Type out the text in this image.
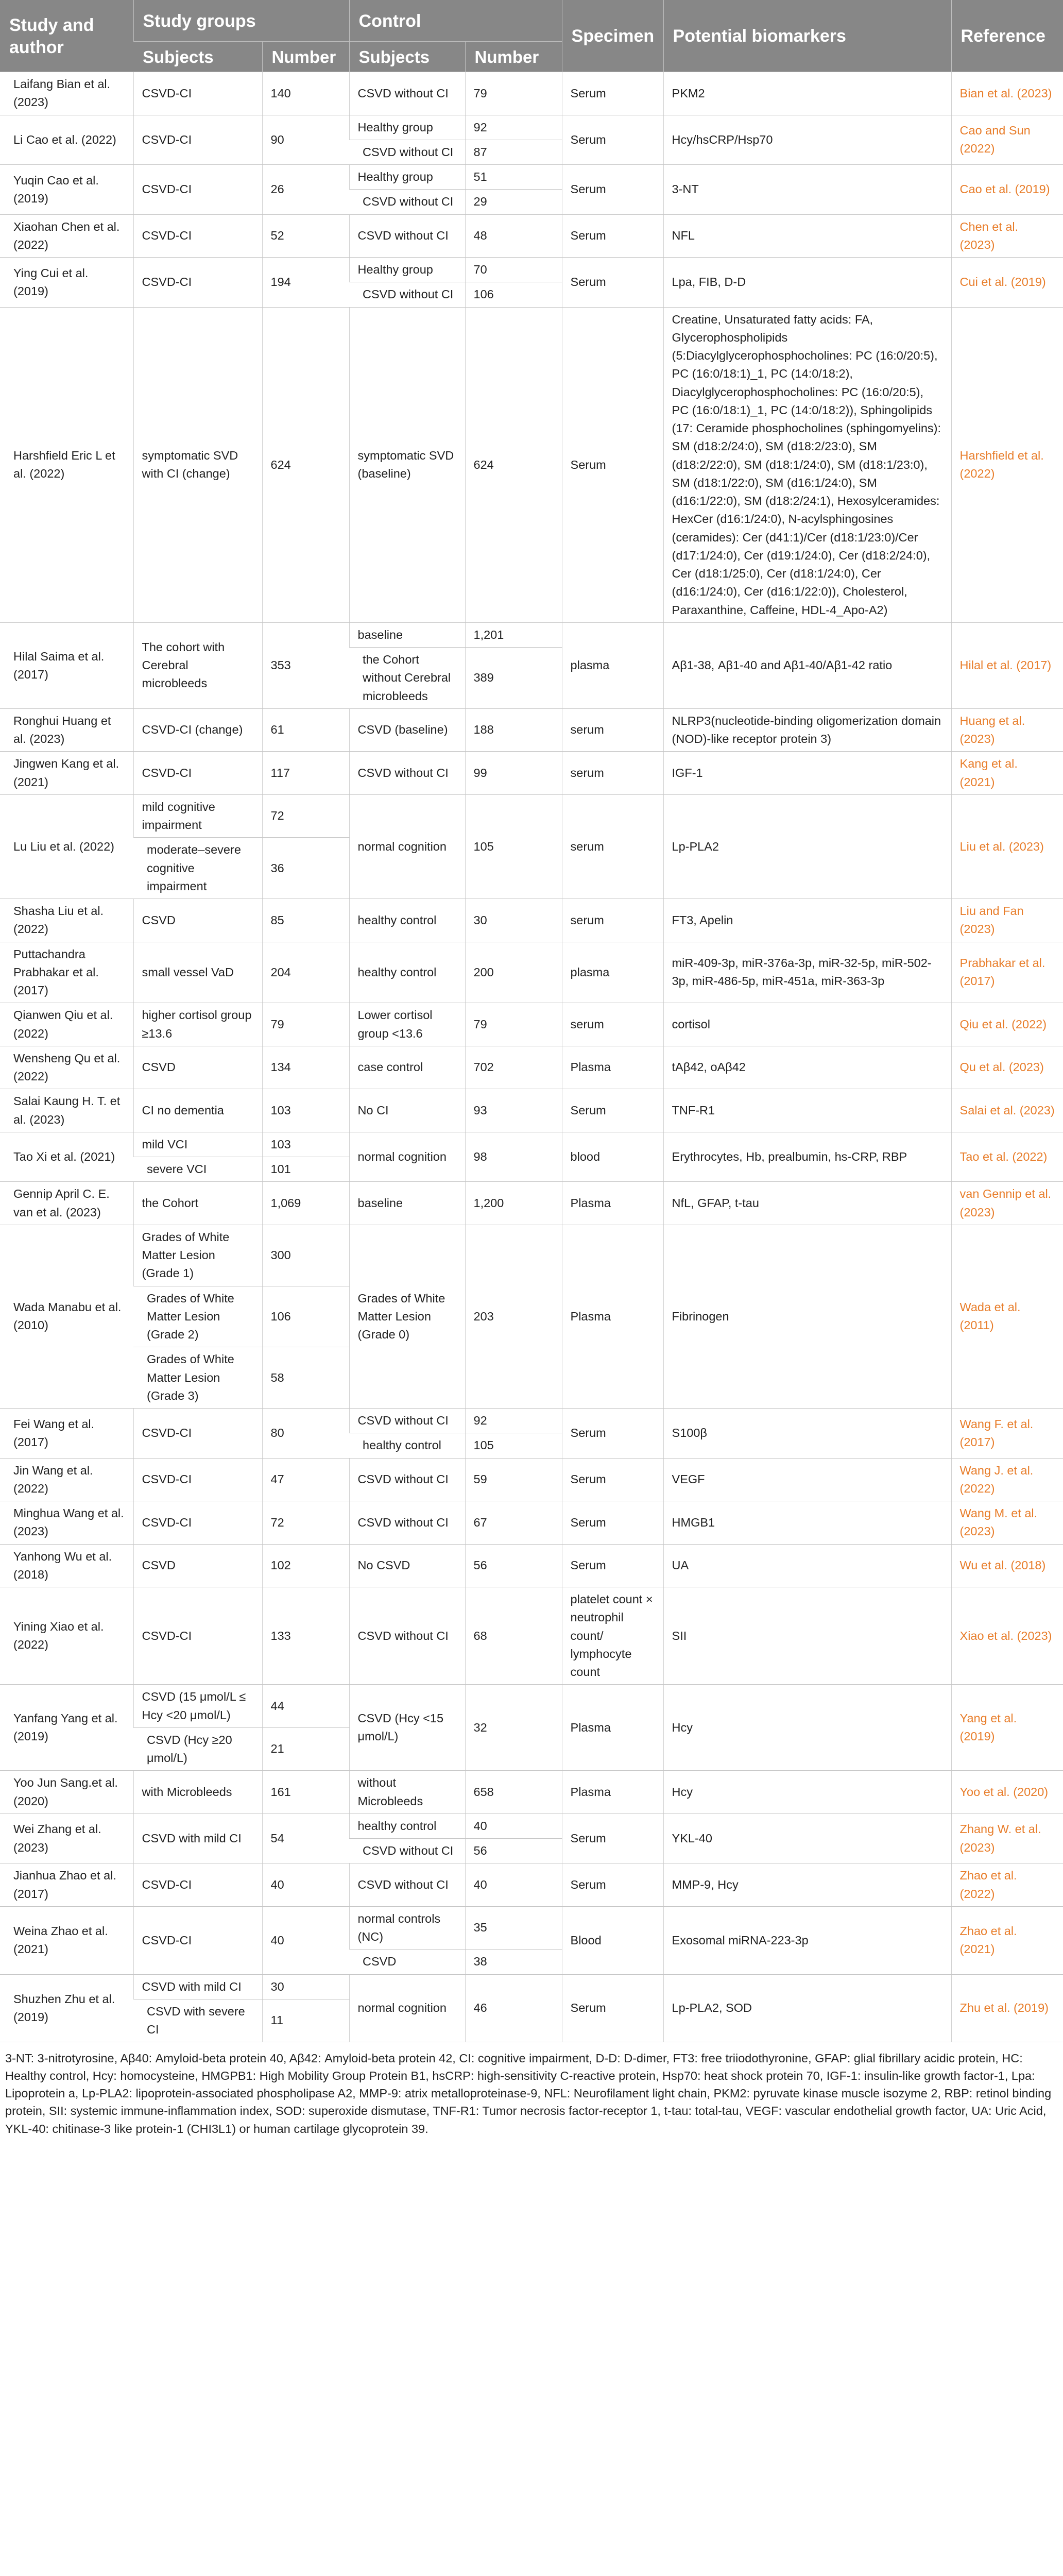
Study and author	Study groups		Control		Specimen	Potential biomarkers	Reference
	Subjects	Number	Subjects	Number			
Laifang Bian et al. (2023)	CSVD-CI	140	CSVD without CI	79	Serum	PKM2	Bian et al. (2023)
Li Cao et al. (2022)	CSVD-CI	90	Healthy group	92	Serum	Hcy/hsCRP/Hsp70	Cao and Sun (2022)
			CSVD without CI	87			
Yuqin Cao et al. (2019)	CSVD-CI	26	Healthy group	51	Serum	3-NT	Cao et al. (2019)
			CSVD without CI	29			
Xiaohan Chen et al. (2022)	CSVD-CI	52	CSVD without CI	48	Serum	NFL	Chen et al. (2023)
Ying Cui et al. (2019)	CSVD-CI	194	Healthy group	70	Serum	Lpa, FIB, D-D	Cui et al. (2019)
			CSVD without CI	106			
Harshfield Eric L et al. (2022)	symptomatic SVD with CI (change)	624	symptomatic SVD (baseline)	624	Serum	Creatine, Unsaturated fatty acids: FA, Glycerophospholipids (5:Diacylglycerophosphocholines: PC (16:0/20:5), PC (16:0/18:1)_1, PC (14:0/18:2), Diacylglycerophosphocholines: PC (16:0/20:5), PC (16:0/18:1)_1, PC (14:0/18:2)), Sphingolipids (17: Ceramide phosphocholines (sphingomyelins): SM (d18:2/24:0), SM (d18:2/23:0), SM (d18:2/22:0), SM (d18:1/24:0), SM (d18:1/23:0), SM (d18:1/22:0), SM (d16:1/24:0), SM (d16:1/22:0), SM (d18:2/24:1), Hexosylceramides: HexCer (d16:1/24:0), N-acylsphingosines (ceramides): Cer (d41:1)/Cer (d18:1/23:0)/Cer (d17:1/24:0), Cer (d19:1/24:0), Cer (d18:2/24:0), Cer (d18:1/25:0), Cer (d18:1/24:0), Cer (d16:1/24:0), Cer (d16:1/22:0)), Cholesterol, Paraxanthine, Caffeine, HDL-4_Apo-A2)	Harshfield et al. (2022)
Hilal Saima et al. (2017)	The cohort with Cerebral microbleeds	353	baseline	1,201	plasma	Aβ1-38, Aβ1-40 and Aβ1-40/Aβ1-42 ratio	Hilal et al. (2017)
			the Cohort without Cerebral microbleeds	389			
Ronghui Huang et al. (2023)	CSVD-CI (change)	61	CSVD (baseline)	188	serum	NLRP3(nucleotide-binding oligomerization domain (NOD)-like receptor protein 3)	Huang et al. (2023)
Jingwen Kang et al. (2021)	CSVD-CI	117	CSVD without CI	99	serum	IGF-1	Kang et al. (2021)
Lu Liu et al. (2022)	mild cognitive impairment	72	normal cognition	105	serum	Lp-PLA2	Liu et al. (2023)
	moderate–severe cognitive impairment	36					
Shasha Liu et al. (2022)	CSVD	85	healthy control	30	serum	FT3, Apelin	Liu and Fan (2023)
Puttachandra Prabhakar et al. (2017)	small vessel VaD	204	healthy control	200	plasma	miR-409-3p, miR-376a-3p, miR-32-5p, miR-502-3p, miR-486-5p, miR-451a, miR-363-3p	Prabhakar et al. (2017)
Qianwen Qiu et al. (2022)	higher cortisol group ≥13.6	79	Lower cortisol group <13.6	79	serum	cortisol	Qiu et al. (2022)
Wensheng Qu et al. (2022)	CSVD	134	case control	702	Plasma	tAβ42, oAβ42	Qu et al. (2023)
Salai Kaung H. T. et al. (2023)	CI no dementia	103	No CI	93	Serum	TNF-R1	Salai et al. (2023)
Tao Xi et al. (2021)	mild VCI	103	normal cognition	98	blood	Erythrocytes, Hb, prealbumin, hs-CRP, RBP	Tao et al. (2022)
	severe VCI	101					
Gennip April C. E. van et al. (2023)	the Cohort	1,069	baseline	1,200	Plasma	NfL, GFAP, t-tau	van Gennip et al. (2023)
Wada Manabu et al. (2010)	Grades of White Matter Lesion (Grade 1)	300	Grades of White Matter Lesion (Grade 0)	203	Plasma	Fibrinogen	Wada et al. (2011)
	Grades of White Matter Lesion (Grade 2)	106					
	Grades of White Matter Lesion (Grade 3)	58					
Fei Wang et al. (2017)	CSVD-CI	80	CSVD without CI	92	Serum	S100β	Wang F. et al. (2017)
			healthy control	105			
Jin Wang et al. (2022)	CSVD-CI	47	CSVD without CI	59	Serum	VEGF	Wang J. et al. (2022)
Minghua Wang et al. (2023)	CSVD-CI	72	CSVD without CI	67	Serum	HMGB1	Wang M. et al. (2023)
Yanhong Wu et al. (2018)	CSVD	102	No CSVD	56	Serum	UA	Wu et al. (2018)
Yining Xiao et al. (2022)	CSVD-CI	133	CSVD without CI	68	platelet count × neutrophil count/ lymphocyte count	SII	Xiao et al. (2023)
Yanfang Yang et al. (2019)	CSVD (15 μmol/L ≤ Hcy <20 μmol/L)	44	CSVD (Hcy <15 μmol/L)	32	Plasma	Hcy	Yang et al. (2019)
	CSVD (Hcy ≥20 μmol/L)	21					
Yoo Jun Sang.et al. (2020)	with Microbleeds	161	without Microbleeds	658	Plasma	Hcy	Yoo et al. (2020)
Wei Zhang et al. (2023)	CSVD with mild CI	54	healthy control	40	Serum	YKL-40	Zhang W. et al. (2023)
			CSVD without CI	56			
Jianhua Zhao et al. (2017)	CSVD-CI	40	CSVD without CI	40	Serum	MMP-9, Hcy	Zhao et al. (2022)
Weina Zhao et al. (2021)	CSVD-CI	40	normal controls (NC)	35	Blood	Exosomal miRNA-223-3p	Zhao et al. (2021)
			CSVD	38			
Shuzhen Zhu et al. (2019)	CSVD with mild CI	30	normal cognition	46	Serum	Lp-PLA2, SOD	Zhu et al. (2019)
	CSVD with severe CI	11					
3-NT: 3-nitrotyrosine, Aβ40: Amyloid-beta protein 40, Aβ42: Amyloid-beta protein 42, CI: cognitive impairment, D-D: D-dimer, FT3: free triiodothyronine, GFAP: glial fibrillary acidic protein, HC: Healthy control, Hcy: homocysteine, HMGPB1: High Mobility Group Protein B1, hsCRP: high-sensitivity C-reactive protein, Hsp70: heat shock protein 70, IGF-1: insulin-like growth factor-1, Lpa: Lipoprotein a, Lp-PLA2: lipoprotein-associated phospholipase A2, MMP-9: atrix metalloproteinase-9, NFL: Neurofilament light chain, PKM2: pyruvate kinase muscle isozyme 2, RBP: retinol binding protein, SII: systemic immune-inflammation index, SOD: superoxide dismutase, TNF-R1: Tumor necrosis factor-receptor 1, t-tau: total-tau, VEGF: vascular endothelial growth factor, UA: Uric Acid, YKL-40: chitinase-3 like protein-1 (CHI3L1) or human cartilage glycoprotein 39.
